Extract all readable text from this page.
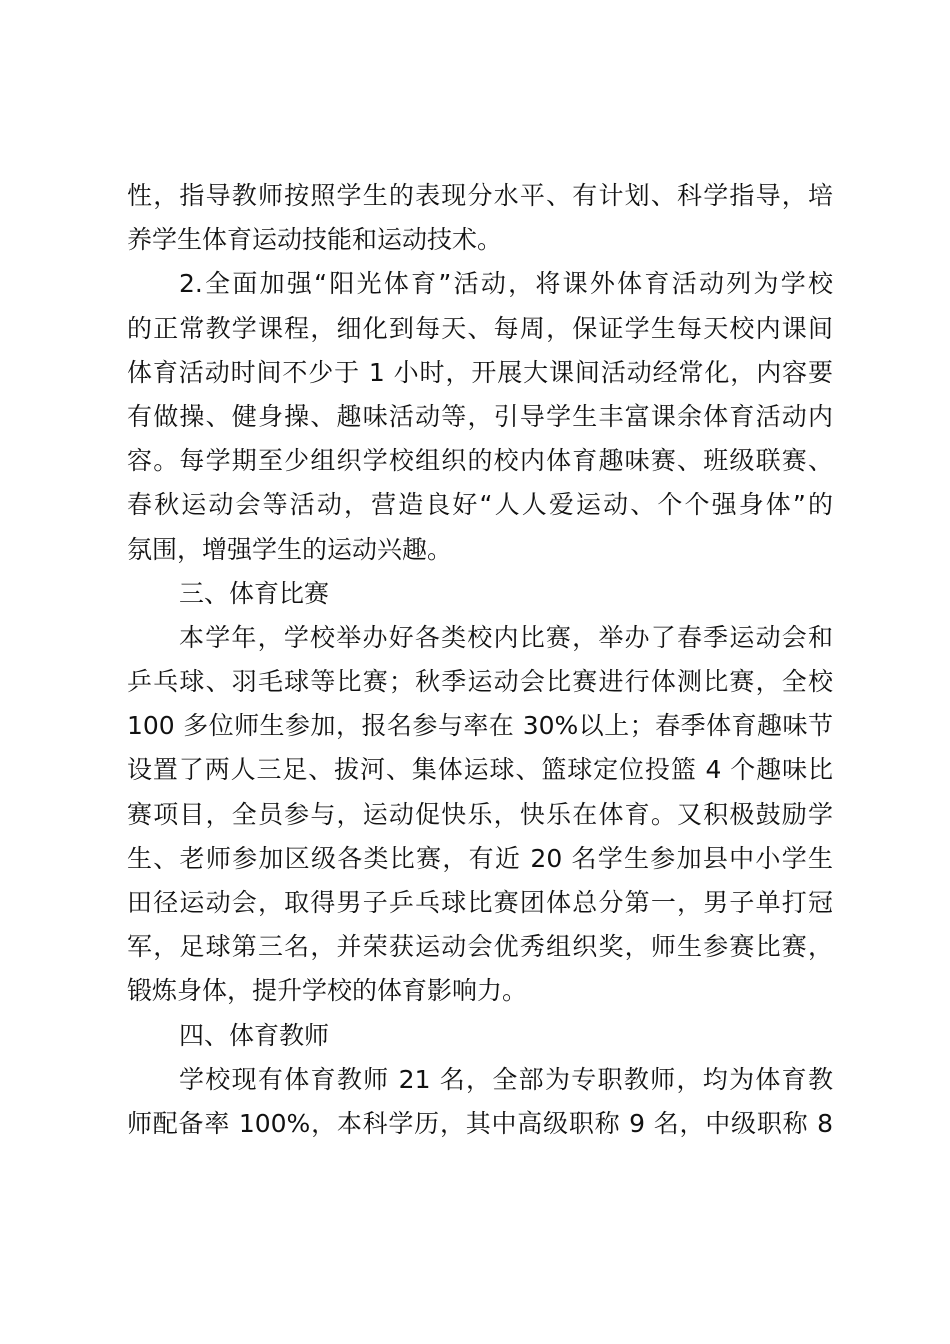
性，指导教师按照学生的表现分水平、有计划、科学指导，培
养学生体育运动技能和运动技术。
2.全面加强“阳光体育”活动，将课外体育活动列为学校
的正常教学课程，细化到每天、每周，保证学生每天校内课间
体育活动时间不少于 1 小时，开展大课间活动经常化，内容要
有做操、健身操、趣味活动等，引导学生丰富课余体育活动内
容。每学期至少组织学校组织的校内体育趣味赛、班级联赛、
春秋运动会等活动，营造良好“人人爱运动、个个强身体”的
氛围，增强学生的运动兴趣。
三、体育比赛
本学年，学校举办好各类校内比赛，举办了春季运动会和
乒乓球、羽毛球等比赛；秋季运动会比赛进行体测比赛，全校
100 多位师生参加，报名参与率在 30%以上；春季体育趣味节
设置了两人三足、拔河、集体运球、篮球定位投篮 4 个趣味比
赛项目，全员参与，运动促快乐，快乐在体育。又积极鼓励学
生、老师参加区级各类比赛，有近 20 名学生参加县中小学生
田径运动会，取得男子乒乓球比赛团体总分第一，男子单打冠
军，足球第三名，并荣获运动会优秀组织奖，师生参赛比赛，
锻炼身体，提升学校的体育影响力。
四、体育教师
学校现有体育教师 21 名，全部为专职教师，均为体育教
师配备率 100%，本科学历，其中高级职称 9 名，中级职称 8
